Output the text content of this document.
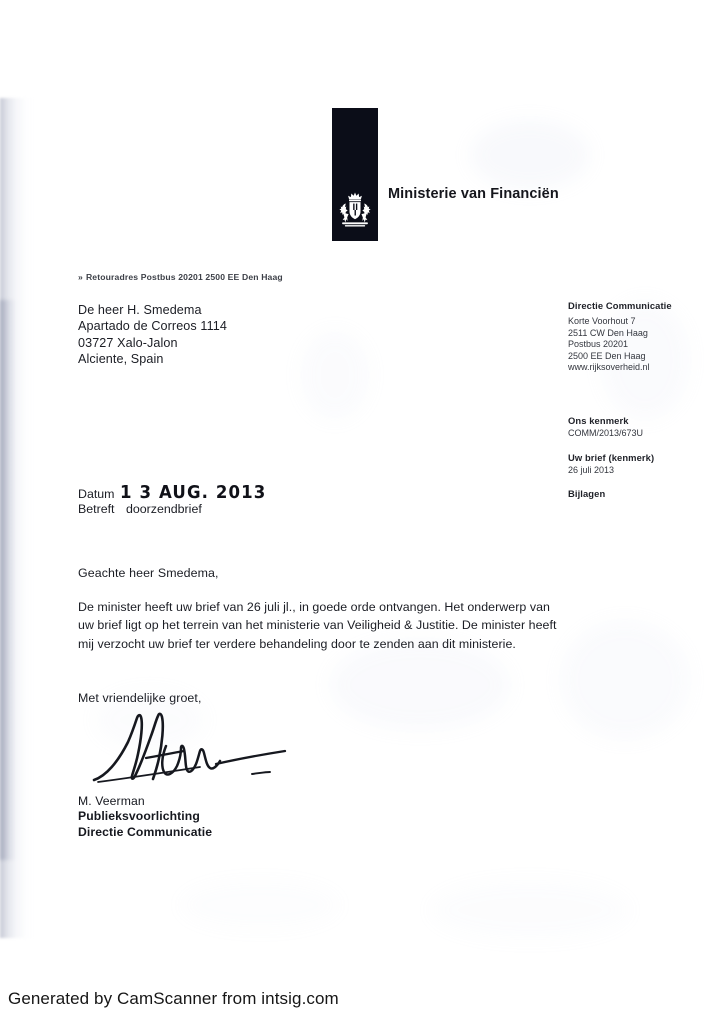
Ministerie van Financiën
» Retouradres Postbus 20201 2500 EE Den Haag
De heer H. Smedema
Apartado de Correos 1114
03727 Xalo-Jalon
Alciente, Spain

Directie Communicatie

Korte Voorhout 7
2511 CW Den Haag
Postbus 20201
2500 EE Den Haag
www.rijksoverheid.nl

Ons kenmerk

COMM/2013/673U

Uw brief (kenmerk)

26 juli 2013

Bijlagen

Datum 1 3 AUG. 2013
Betreft doorzendbrief
Geachte heer Smedema,
De minister heeft uw brief van 26 juli jl., in goede orde ontvangen. Het onderwerp van uw brief ligt op het terrein van het ministerie van Veiligheid & Justitie. De minister heeft mij verzocht uw brief ter verdere behandeling door te zenden aan dit ministerie.
Met vriendelijke groet,
M. Veerman
Publieksvoorlichting
Directie Communicatie
Generated by CamScanner from intsig.com
